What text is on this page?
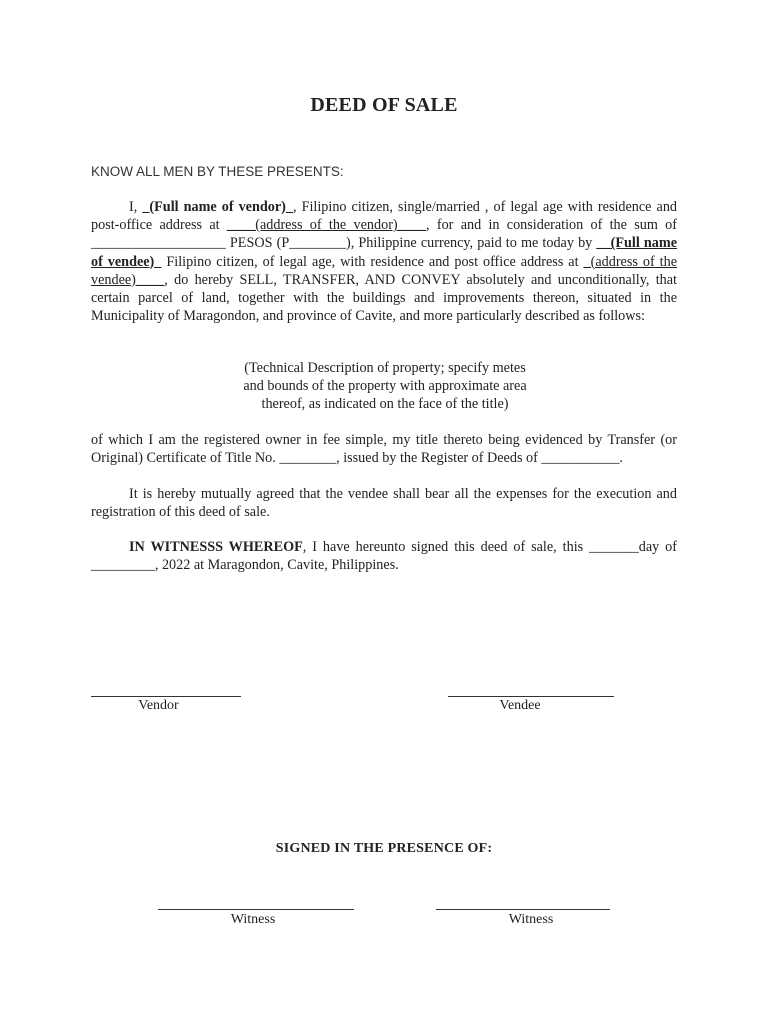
DEED OF SALE
KNOW ALL MEN BY THESE PRESENTS:

I, _(Full name of vendor)_, Filipino citizen, single/married , of legal age with residence and post-office address at ____(address of the vendor)____, for and in consideration of the sum of ___________________ PESOS (P________), Philippine currency, paid to me today by __(Full name of vendee)_ Filipino citizen, of legal age, with residence and post office address at _(address of the vendee)____, do hereby SELL, TRANSFER, AND CONVEY absolutely and unconditionally, that certain parcel of land, together with the buildings and improvements thereon, situated in the Municipality of Maragondon, and province of Cavite, and more particularly described as follows:

(Technical Description of property; specify metes
and bounds of the property with approximate area
thereof, as indicated on the face of the title)

of which I am the registered owner in fee simple, my title thereto being evidenced by Transfer (or Original) Certificate of Title No. ________, issued by the Register of Deeds of ___________.

It is hereby mutually agreed that the vendee shall bear all the expenses for the execution and registration of this deed of sale.

IN WITNESSS WHEREOF, I have hereunto signed this deed of sale, this _______day of _________, 2022 at Maragondon, Cavite, Philippines.

Vendor	Vendee
SIGNED IN THE PRESENCE OF:
Witness	Witness
